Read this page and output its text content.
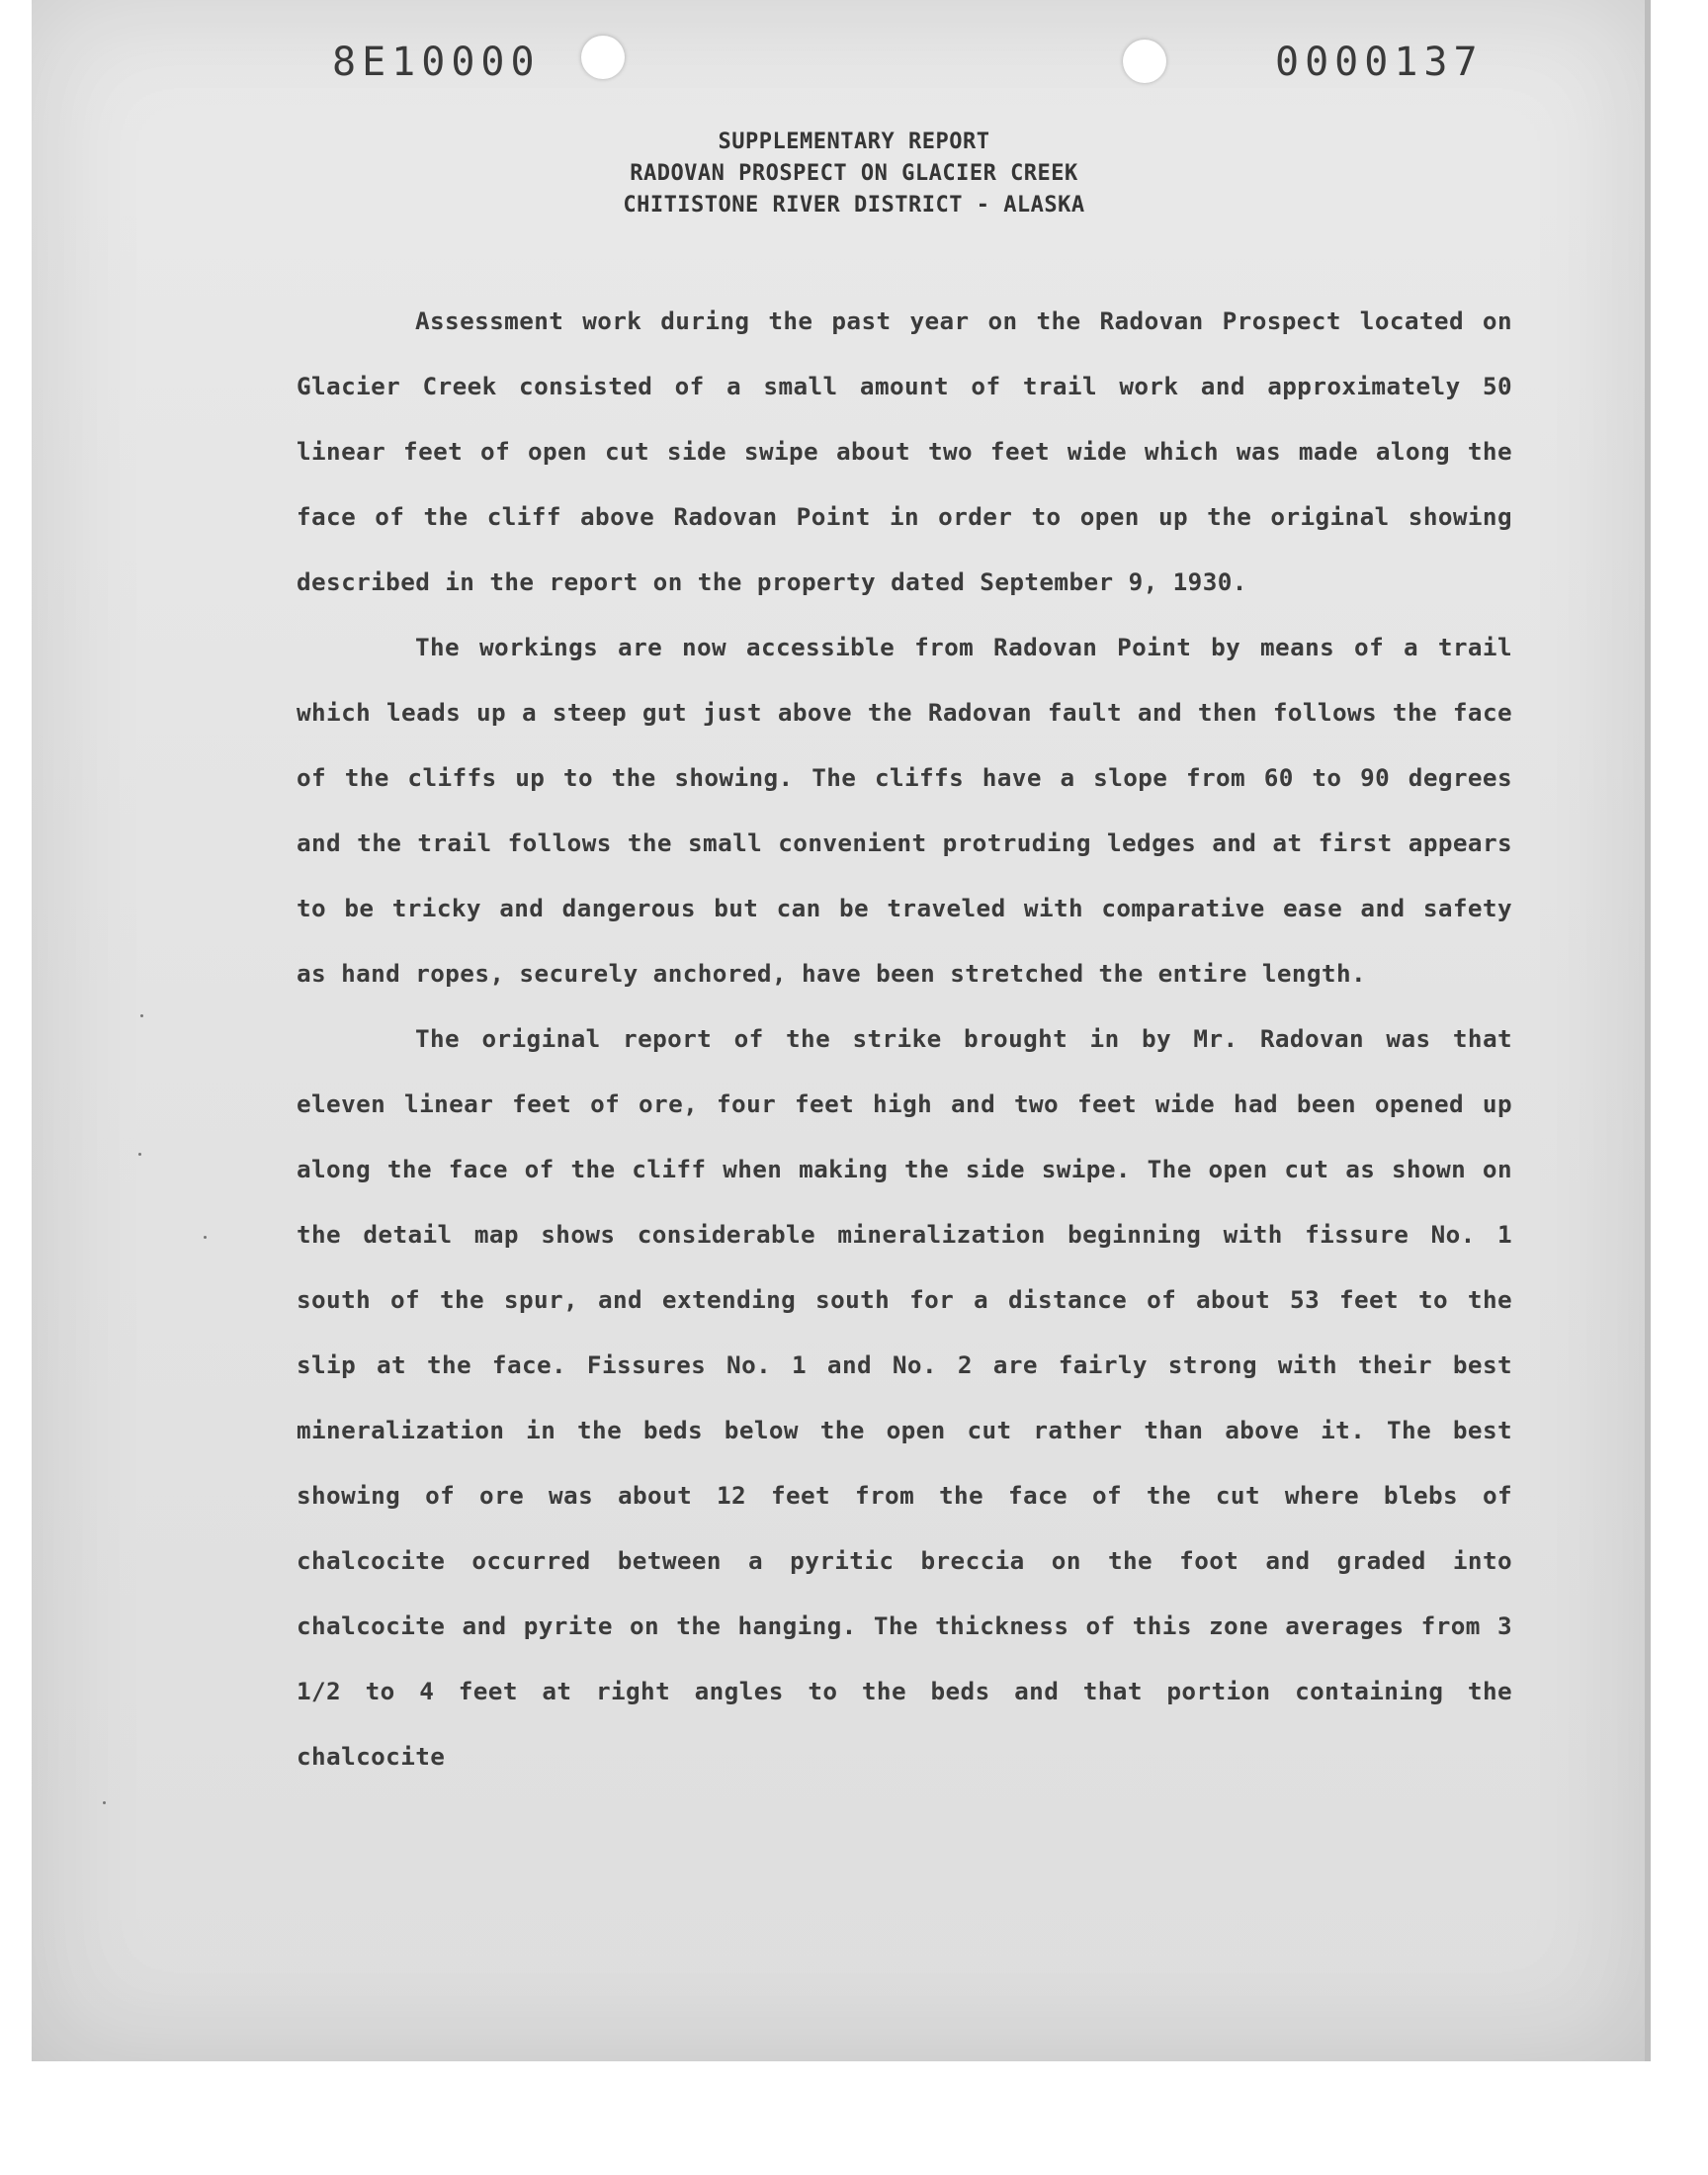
8E10000	0000137
SUPPLEMENTARY REPORT
RADOVAN PROSPECT ON GLACIER CREEK
CHITISTONE RIVER DISTRICT - ALASKA

Assessment work during the past year on the Radovan Prospect located on Glacier Creek consisted of a small amount of trail work and approximately 50 linear feet of open cut side swipe about two feet wide which was made along the face of the cliff above Radovan Point in order to open up the original showing described in the report on the property dated September 9, 1930.

The workings are now accessible from Radovan Point by means of a trail which leads up a steep gut just above the Radovan fault and then follows the face of the cliffs up to the showing. The cliffs have a slope from 60 to 90 degrees and the trail follows the small convenient protruding ledges and at first appears to be tricky and dangerous but can be traveled with comparative ease and safety as hand ropes, securely anchored, have been stretched the entire length.

The original report of the strike brought in by Mr. Radovan was that eleven linear feet of ore, four feet high and two feet wide had been opened up along the face of the cliff when making the side swipe. The open cut as shown on the detail map shows considerable mineralization beginning with fissure No. 1 south of the spur, and extending south for a distance of about 53 feet to the slip at the face. Fissures No. 1 and No. 2 are fairly strong with their best mineralization in the beds below the open cut rather than above it. The best showing of ore was about 12 feet from the face of the cut where blebs of chalcocite occurred between a pyritic breccia on the foot and graded into chalcocite and pyrite on the hanging. The thickness of this zone averages from 3 1/2 to 4 feet at right angles to the beds and that portion containing the chalcocite
